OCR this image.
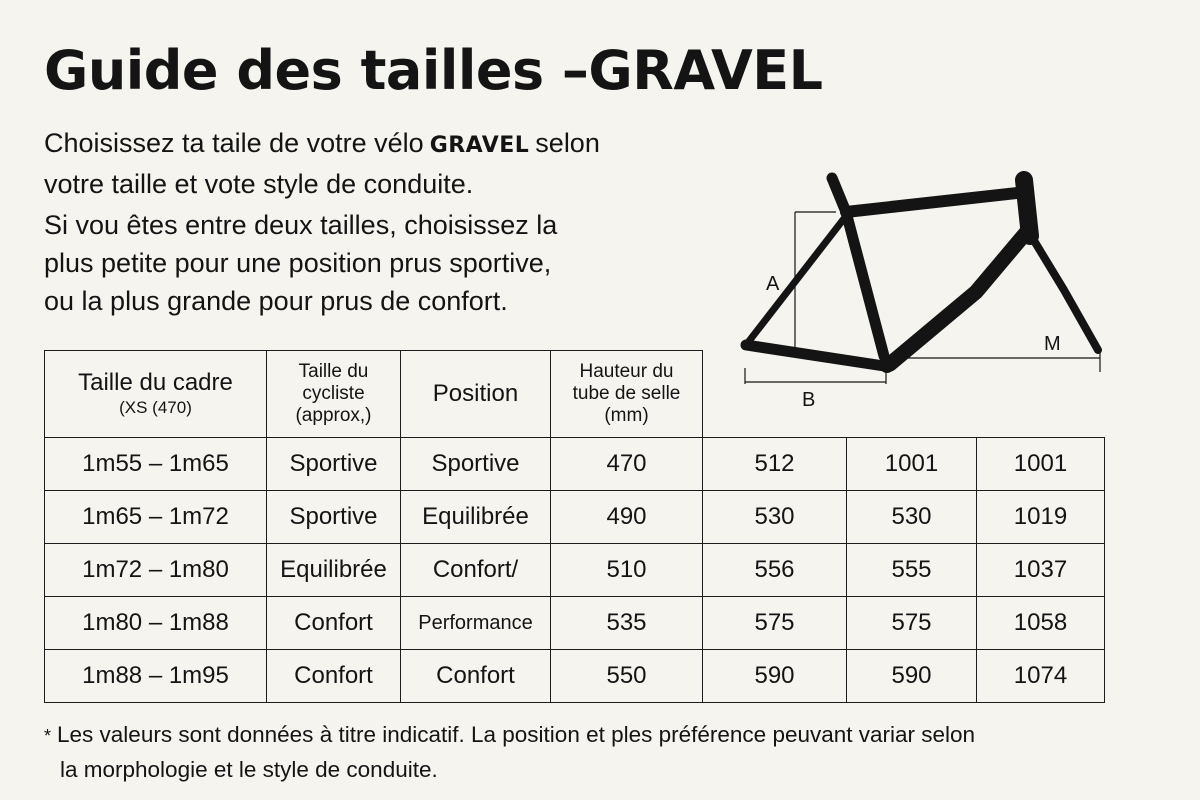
Guide des tailles –GRAVEL

Choisissez ta taile de votre vélo GRAVEL selon
votre taille et vote style de conduite.

Si vou êtes entre deux tailles, choisissez la
plus petite pour une position prus sportive,
ou la plus grande pour prus de confort.

A
B
M
Taille du cadre
(XS (470)	Taille du
cycliste
(approx,)	Position	Hauteur du
tube de selle
(mm)			

1m55 – 1m65	Sportive	Sportive	470	512	1001	1001
1m65 – 1m72	Sportive	Equilibrée	490	530	530	1019
1m72 – 1m80	Equilibrée	Confort/	510	556	555	1037
1m80 – 1m88	Confort	Performance	535	575	575	1058
1m88 – 1m95	Confort	Confort	550	590	590	1074

* Les valeurs sont données à titre indicatif. La position et ples préférence peuvant variar selon

la morphologie et le style de conduite.
